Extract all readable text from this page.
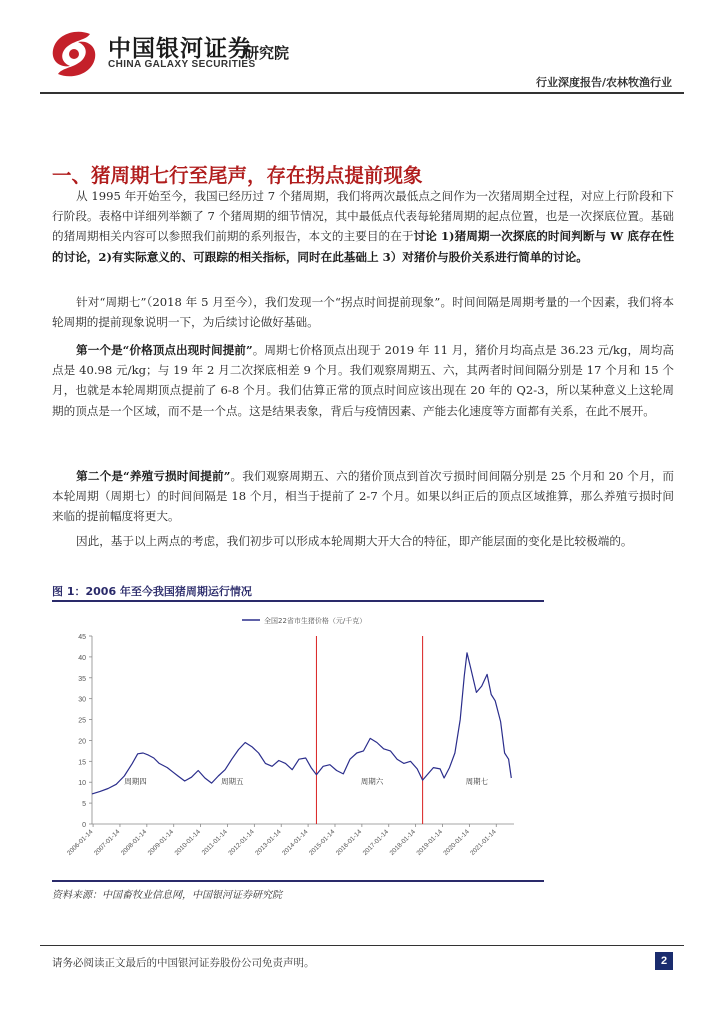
中国银河证券
CHINA GALAXY SECURITIES
研究院
行业深度报告/农林牧渔行业
一、猪周期七行至尾声，存在拐点提前现象
从 1995 年开始至今，我国已经历过 7 个猪周期，我们将两次最低点之间作为一次猪周期全过程，对应上行阶段和下行阶段。表格中详细列举额了 7 个猪周期的细节情况，其中最低点代表每轮猪周期的起点位置，也是一次探底位置。基础的猪周期相关内容可以参照我们前期的系列报告，本文的主要目的在于讨论 1)猪周期一次探底的时间判断与 W 底存在性的讨论，2)有实际意义的、可跟踪的相关指标，同时在此基础上 3）对猪价与股价关系进行简单的讨论。
针对“周期七”（2018 年 5 月至今），我们发现一个“拐点时间提前现象”。时间间隔是周期考量的一个因素，我们将本轮周期的提前现象说明一下，为后续讨论做好基础。
第一个是“价格顶点出现时间提前”。周期七价格顶点出现于 2019 年 11 月，猪价月均高点是 36.23 元/kg，周均高点是 40.98 元/kg；与 19 年 2 月二次探底相差 9 个月。我们观察周期五、六，其两者时间间隔分别是 17 个月和 15 个月，也就是本轮周期顶点提前了 6-8 个月。我们估算正常的顶点时间应该出现在 20 年的 Q2-3，所以某种意义上这轮周期的顶点是一个区域，而不是一个点。这是结果表象，背后与疫情因素、产能去化速度等方面都有关系，在此不展开。
第二个是“养殖亏损时间提前”。我们观察周期五、六的猪价顶点到首次亏损时间间隔分别是 25 个月和 20 个月，而本轮周期（周期七）的时间间隔是 18 个月，相当于提前了 2-7 个月。如果以纠正后的顶点区域推算，那么养殖亏损时间来临的提前幅度将更大。
因此，基于以上两点的考虑，我们初步可以形成本轮周期大开大合的特征，即产能层面的变化是比较极端的。
图 1：2006 年至今我国猪周期运行情况
0
5
10
15
20
25
30
35
40
45
2006-01-14
2007-01-14
2008-01-14
2009-01-14
2010-01-14
2011-01-14
2012-01-14
2013-01-14
2014-01-14
2015-01-14
2016-01-14
2017-01-14
2018-01-14
2019-01-14
2020-01-14
2021-01-14
周期四	周期五	周期六	周期七
全国22省市生猪价格（元/千克）
资料来源：中国畜牧业信息网，中国银河证券研究院
请务必阅读正文最后的中国银河证券股份公司免责声明。	2
